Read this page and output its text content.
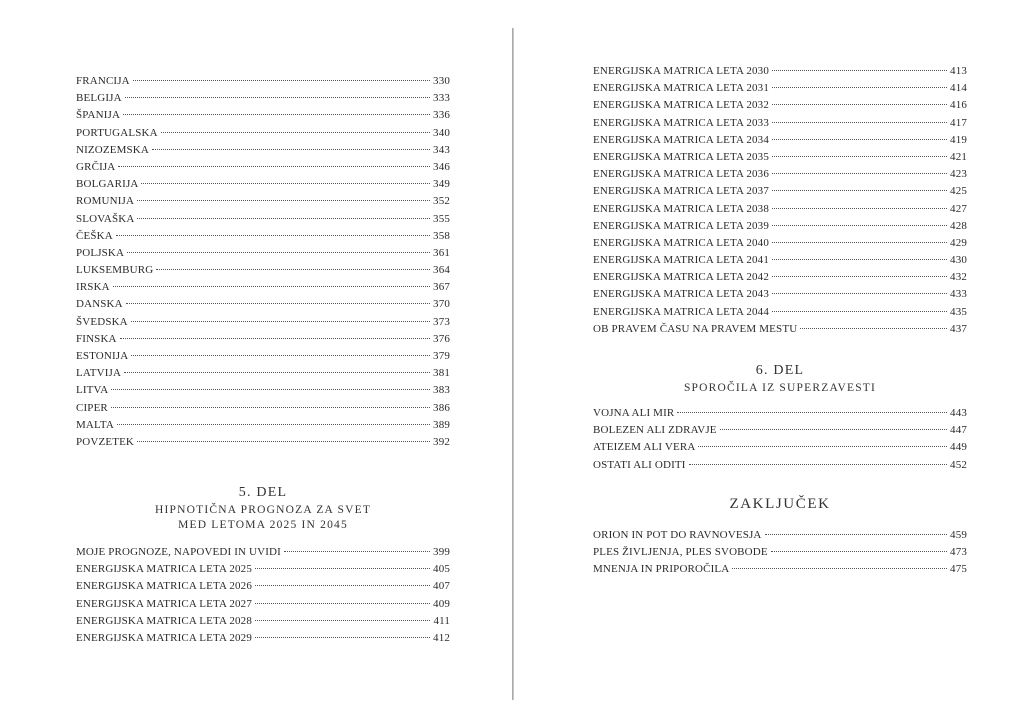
FRANCIJA	330
BELGIJA	333
ŠPANIJA	336
PORTUGALSKA	340
NIZOZEMSKA	343
GRČIJA	346
BOLGARIJA	349
ROMUNIJA	352
SLOVAŠKA	355
ČEŠKA	358
POLJSKA	361
LUKSEMBURG	364
IRSKA	367
DANSKA	370
ŠVEDSKA	373
FINSKA	376
ESTONIJA	379
LATVIJA	381
LITVA	383
CIPER	386
MALTA	389
POVZETEK	392
5. DEL
HIPNOTIČNA PROGNOZA ZA SVET
MED LETOMA 2025 IN 2045
MOJE PROGNOZE, NAPOVEDI IN UVIDI	399
ENERGIJSKA MATRICA LETA 2025	405
ENERGIJSKA MATRICA LETA 2026	407
ENERGIJSKA MATRICA LETA 2027	409
ENERGIJSKA MATRICA LETA 2028	411
ENERGIJSKA MATRICA LETA 2029	412
ENERGIJSKA MATRICA LETA 2030	413
ENERGIJSKA MATRICA LETA 2031	414
ENERGIJSKA MATRICA LETA 2032	416
ENERGIJSKA MATRICA LETA 2033	417
ENERGIJSKA MATRICA LETA 2034	419
ENERGIJSKA MATRICA LETA 2035	421
ENERGIJSKA MATRICA LETA 2036	423
ENERGIJSKA MATRICA LETA 2037	425
ENERGIJSKA MATRICA LETA 2038	427
ENERGIJSKA MATRICA LETA 2039	428
ENERGIJSKA MATRICA LETA 2040	429
ENERGIJSKA MATRICA LETA 2041	430
ENERGIJSKA MATRICA LETA 2042	432
ENERGIJSKA MATRICA LETA 2043	433
ENERGIJSKA MATRICA LETA 2044	435
OB PRAVEM ČASU NA PRAVEM MESTU	437
6. DEL
SPOROČILA IZ SUPERZAVESTI
VOJNA ALI MIR	443
BOLEZEN ALI ZDRAVJE	447
ATEIZEM ALI VERA	449
OSTATI ALI ODITI	452
ZAKLJUČEK
ORION IN POT DO RAVNOVESJA	459
PLES ŽIVLJENJA, PLES SVOBODE	473
MNENJA IN PRIPOROČILA	475
